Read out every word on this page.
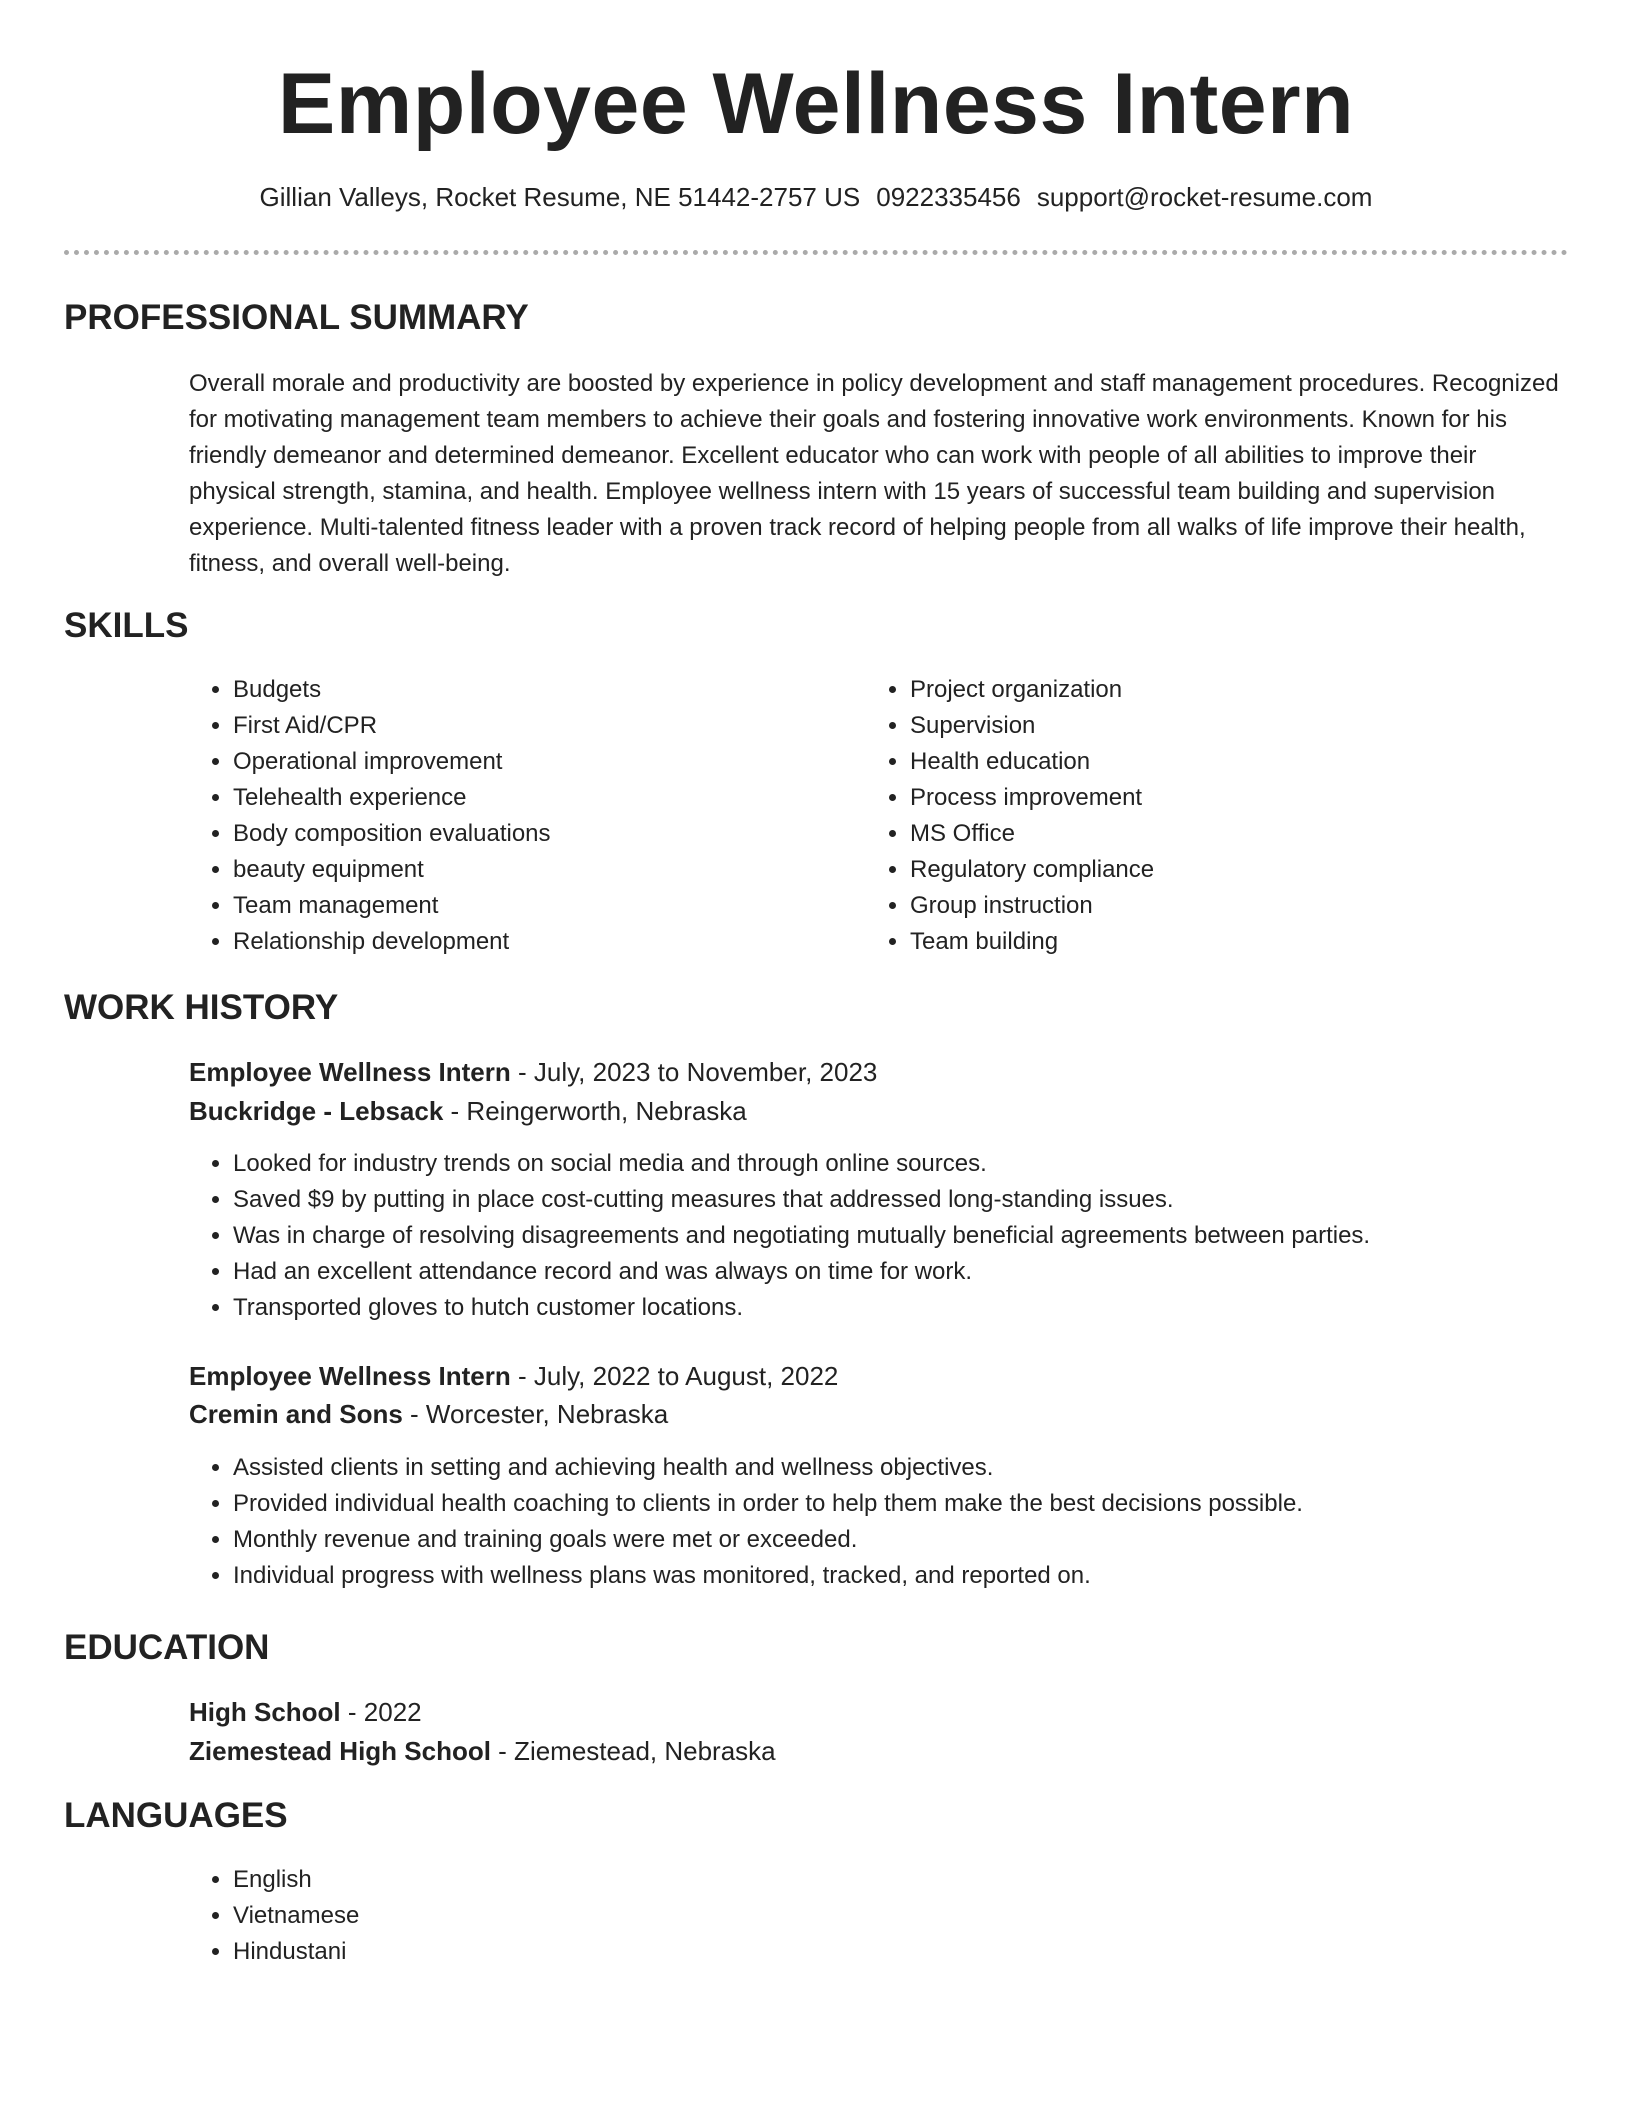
Employee Wellness Intern
Gillian Valleys, Rocket Resume, NE 51442-2757 US 0922335456 support@rocket-resume.com
PROFESSIONAL SUMMARY

Overall morale and productivity are boosted by experience in policy development and staff management procedures. Recognized for motivating management team members to achieve their goals and fostering innovative work environments. Known for his friendly demeanor and determined demeanor. Excellent educator who can work with people of all abilities to improve their physical strength, stamina, and health. Employee wellness intern with 15 years of successful team building and supervision experience. Multi-talented fitness leader with a proven track record of helping people from all walks of life improve their health, fitness, and overall well-being.

SKILLS
• Budgets
• First Aid/CPR
• Operational improvement
• Telehealth experience
• Body composition evaluations
• beauty equipment
• Team management
• Relationship development
• Project organization
• Supervision
• Health education
• Process improvement
• MS Office
• Regulatory compliance
• Group instruction
• Team building
WORK HISTORY
Employee Wellness Intern - July, 2023 to November, 2023
Buckridge - Lebsack - Reingerworth, Nebraska
• Looked for industry trends on social media and through online sources.
• Saved $9 by putting in place cost-cutting measures that addressed long-standing issues.
• Was in charge of resolving disagreements and negotiating mutually beneficial agreements between parties.
• Had an excellent attendance record and was always on time for work.
• Transported gloves to hutch customer locations.
Employee Wellness Intern - July, 2022 to August, 2022
Cremin and Sons - Worcester, Nebraska
• Assisted clients in setting and achieving health and wellness objectives.
• Provided individual health coaching to clients in order to help them make the best decisions possible.
• Monthly revenue and training goals were met or exceeded.
• Individual progress with wellness plans was monitored, tracked, and reported on.
EDUCATION
High School - 2022
Ziemestead High School - Ziemestead, Nebraska
LANGUAGES
• English
• Vietnamese
• Hindustani
